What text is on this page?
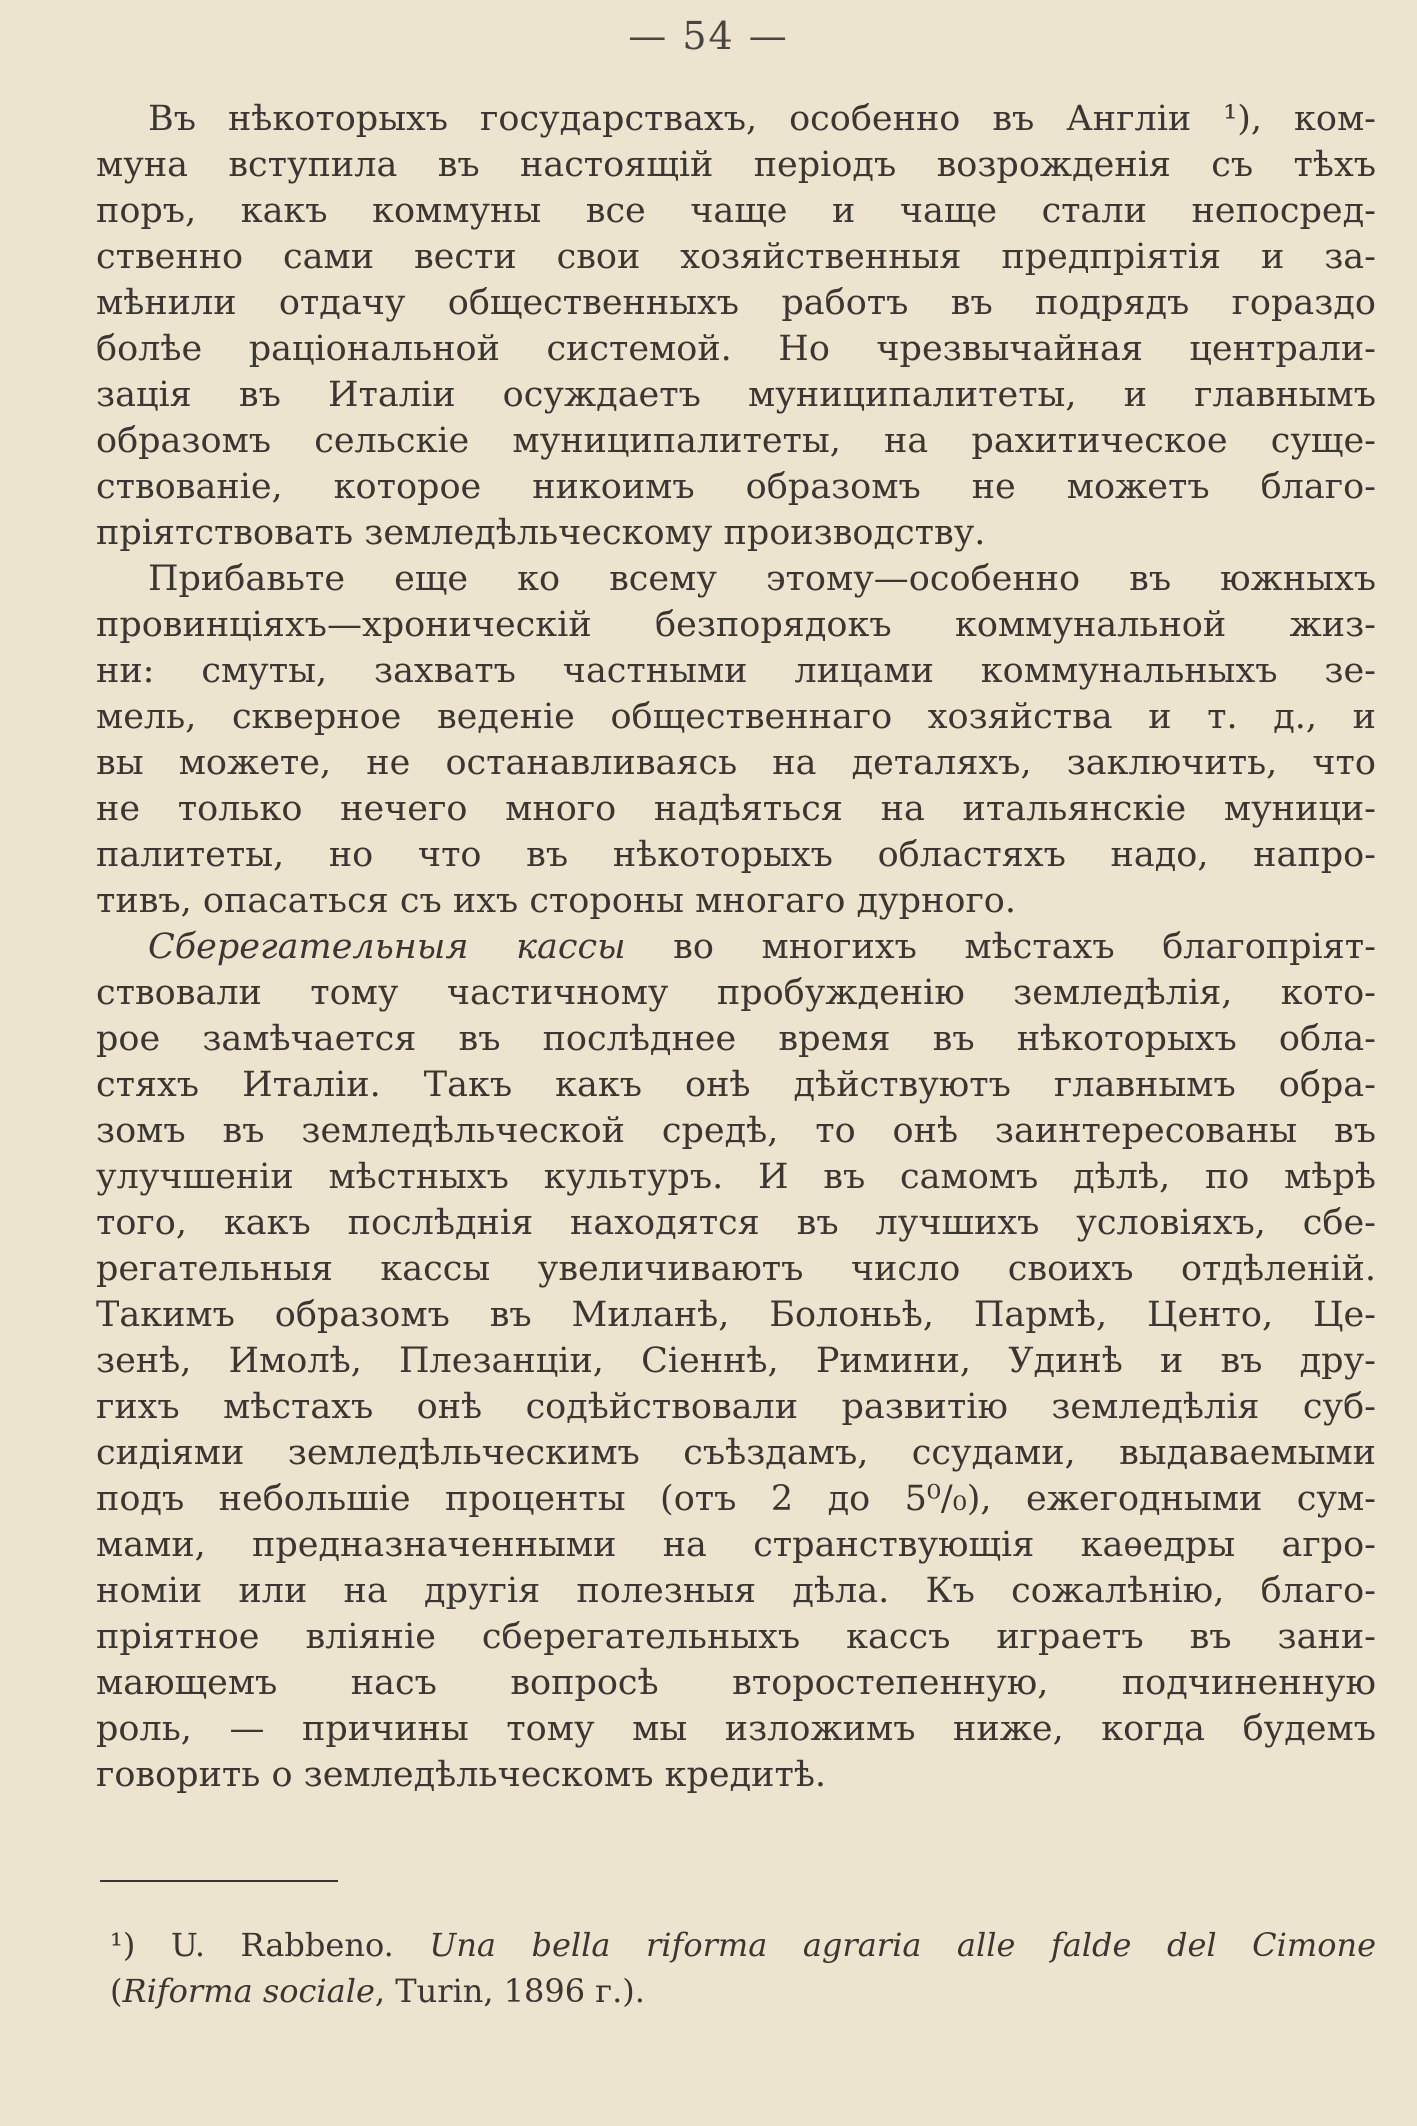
— 54 —
Въ нѣкоторыхъ государствахъ, особенно въ Англіи ¹), ком-
муна вступила въ настоящій періодъ возрожденія съ тѣхъ
поръ, какъ коммуны все чаще и чаще стали непосред-
ственно сами вести свои хозяйственныя предпріятія и за-
мѣнили отдачу общественныхъ работъ въ подрядъ гораздо
болѣе раціональной системой. Но чрезвычайная централи-
зація въ Италіи осуждаетъ муниципалитеты, и главнымъ
образомъ сельскіе муниципалитеты, на рахитическое суще-
ствованіе, которое никоимъ образомъ не можетъ благо-
пріятствовать земледѣльческому производству.
Прибавьте еще ко всему этому—особенно въ южныхъ
провинціяхъ—хроническій безпорядокъ коммунальной жиз-
ни: смуты, захватъ частными лицами коммунальныхъ зе-
мель, скверное веденіе общественнаго хозяйства и т. д., и
вы можете, не останавливаясь на деталяхъ, заключить, что
не только нечего много надѣяться на итальянскіе муници-
палитеты, но что въ нѣкоторыхъ областяхъ надо, напро-
тивъ, опасаться съ ихъ стороны многаго дурного.
Сберегательныя кассы во многихъ мѣстахъ благопріят-
ствовали тому частичному пробужденію земледѣлія, кото-
рое замѣчается въ послѣднее время въ нѣкоторыхъ обла-
стяхъ Италіи. Такъ какъ онѣ дѣйствуютъ главнымъ обра-
зомъ въ земледѣльческой средѣ, то онѣ заинтересованы въ
улучшеніи мѣстныхъ культуръ. И въ самомъ дѣлѣ, по мѣрѣ
того, какъ послѣднія находятся въ лучшихъ условіяхъ, сбе-
регательныя кассы увеличиваютъ число своихъ отдѣленій.
Такимъ образомъ въ Миланѣ, Болоньѣ, Пармѣ, Центо, Це-
зенѣ, Имолѣ, Плезанціи, Сіеннѣ, Римини, Удинѣ и въ дру-
гихъ мѣстахъ онѣ содѣйствовали развитію земледѣлія суб-
сидіями земледѣльческимъ съѣздамъ, ссудами, выдаваемыми
подъ небольшіе проценты (отъ 2 до 5⁰/₀), ежегодными сум-
мами, предназначенными на странствующія каѳедры агро-
номіи или на другія полезныя дѣла. Къ сожалѣнію, благо-
пріятное вліяніе сберегательныхъ кассъ играетъ въ зани-
мающемъ насъ вопросѣ второстепенную, подчиненную
роль, — причины тому мы изложимъ ниже, когда будемъ
говорить о земледѣльческомъ кредитѣ.
¹) U. Rabbeno. Una bella riforma agraria alle falde del Cimone
(Riforma sociale, Turin, 1896 г.).
